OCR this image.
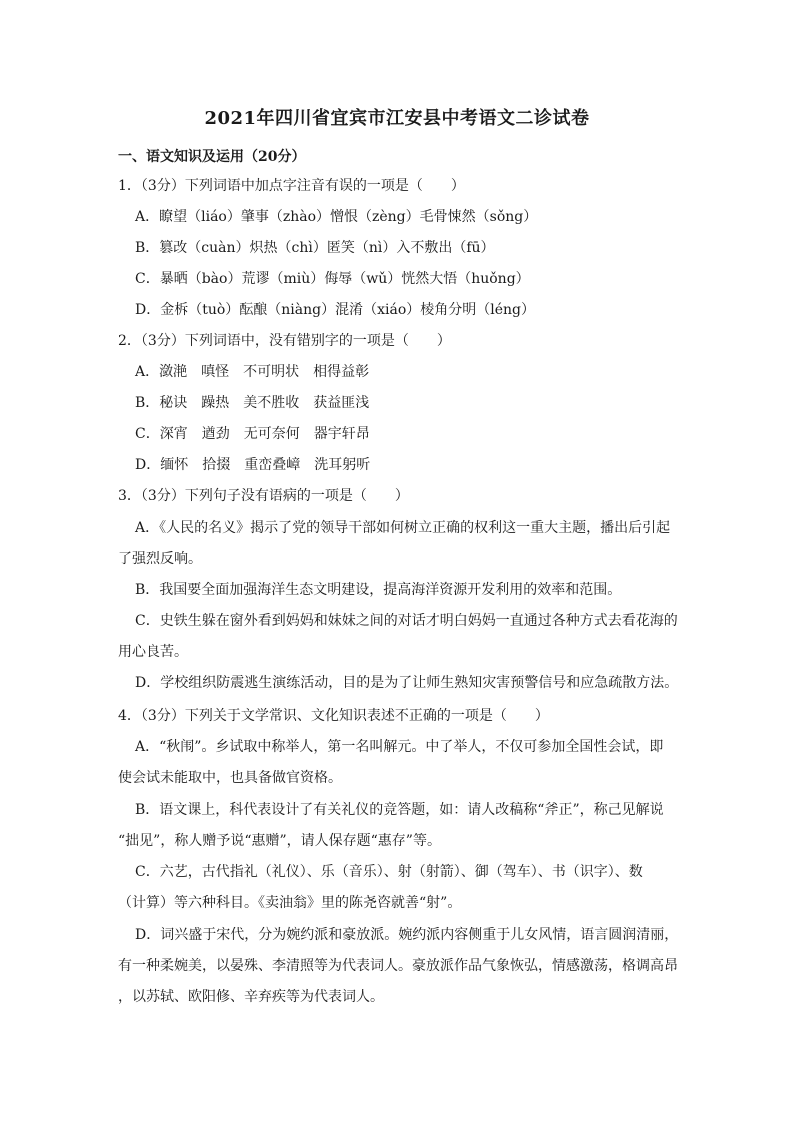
2021年四川省宜宾市江安县中考语文二诊试卷
一、语文知识及运用（20分）

1．（3分）下列词语中加点字注音有误的一项是（　　）

A．瞭望（liáo）肇事（zhào）憎恨（zèng）毛骨悚然（sǒng）

B．篡改（cuàn）炽热（chì）匿笑（nì）入不敷出（fū）

C．暴晒（bào）荒谬（miù）侮辱（wǔ）恍然大悟（huǒng）

D．金柝（tuò）酝酿（niàng）混淆（xiáo）棱角分明（léng）

2．（3分）下列词语中，没有错别字的一项是（　　）

A．潋滟　嗔怪　不可明状　相得益彰

B．秘诀　躁热　美不胜收　获益匪浅

C．深宵　遒劲　无可奈何　器宇轩昂

D．缅怀　拾掇　重峦叠嶂　洗耳躬听

3．（3分）下列句子没有语病的一项是（　　）

A．《人民的名义》揭示了党的领导干部如何树立正确的权利这一重大主题，播出后引起

了强烈反响。

B．我国要全面加强海洋生态文明建设，提高海洋资源开发利用的效率和范围。

C．史铁生躲在窗外看到妈妈和妹妹之间的对话才明白妈妈一直通过各种方式去看花海的

用心良苦。

D．学校组织防震逃生演练活动，目的是为了让师生熟知灾害预警信号和应急疏散方法。

4．（3分）下列关于文学常识、文化知识表述不正确的一项是（　　）

A．“秋闱”。乡试取中称举人，第一名叫解元。中了举人，不仅可参加全国性会试，即

使会试未能取中，也具备做官资格。

B．语文课上，科代表设计了有关礼仪的竞答题，如：请人改稿称“斧正”，称己见解说

“拙见”，称人赠予说“惠赠”，请人保存题“惠存”等。

C．六艺，古代指礼（礼仪）、乐（音乐）、射（射箭）、御（驾车）、书（识字）、数

（计算）等六种科目。《卖油翁》里的陈尧咨就善“射”。

D．词兴盛于宋代，分为婉约派和豪放派。婉约派内容侧重于儿女风情，语言圆润清丽，

有一种柔婉美，以晏殊、李清照等为代表词人。豪放派作品气象恢弘，情感激荡，格调高昂

，以苏轼、欧阳修、辛弃疾等为代表词人。
